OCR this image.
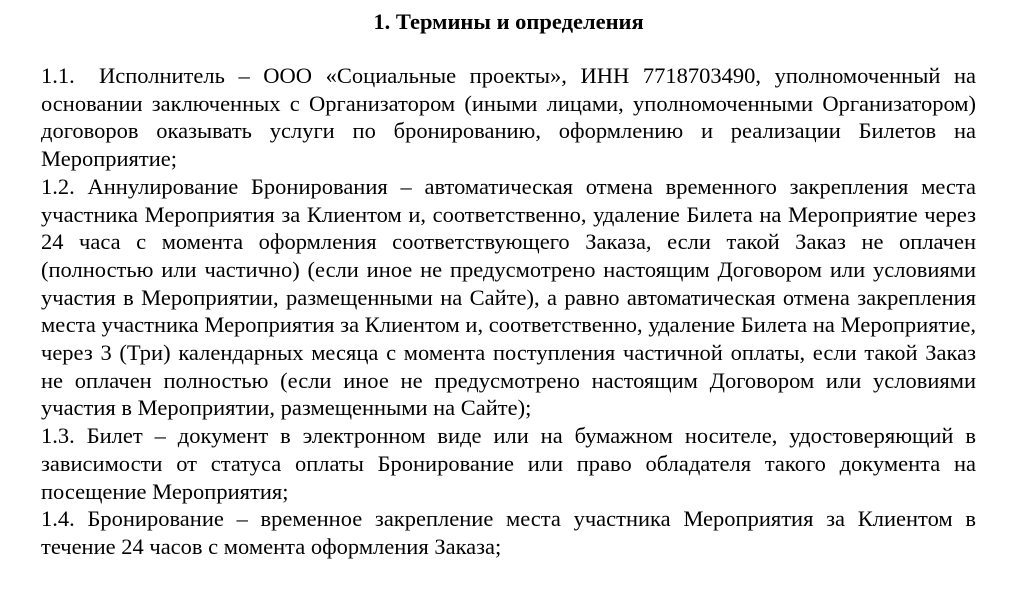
1. Термины и определения

1.1. Исполнитель – ООО «Социальные проекты», ИНН 7718703490, уполномоченный на основании заключенных с Организатором (иными лицами, уполномоченными Организатором) договоров оказывать услуги по бронированию, оформлению и реализации Билетов на Мероприятие;

1.2. Аннулирование Бронирования – автоматическая отмена временного закрепления места участника Мероприятия за Клиентом и, соответственно, удаление Билета на Мероприятие через 24 часа с момента оформления соответствующего Заказа, если такой Заказ не оплачен (полностью или частично) (если иное не предусмотрено настоящим Договором или условиями участия в Мероприятии, размещенными на Сайте), а равно автоматическая отмена закрепления места участника Мероприятия за Клиентом и, соответственно, удаление Билета на Мероприятие, через 3 (Три) календарных месяца с момента поступления частичной оплаты, если такой Заказ не оплачен полностью (если иное не предусмотрено настоящим Договором или условиями участия в Мероприятии, размещенными на Сайте);

1.3. Билет – документ в электронном виде или на бумажном носителе, удостоверяющий в зависимости от статуса оплаты Бронирование или право обладателя такого документа на посещение Мероприятия;

1.4. Бронирование – временное закрепление места участника Мероприятия за Клиентом в течение 24 часов с момента оформления Заказа;
